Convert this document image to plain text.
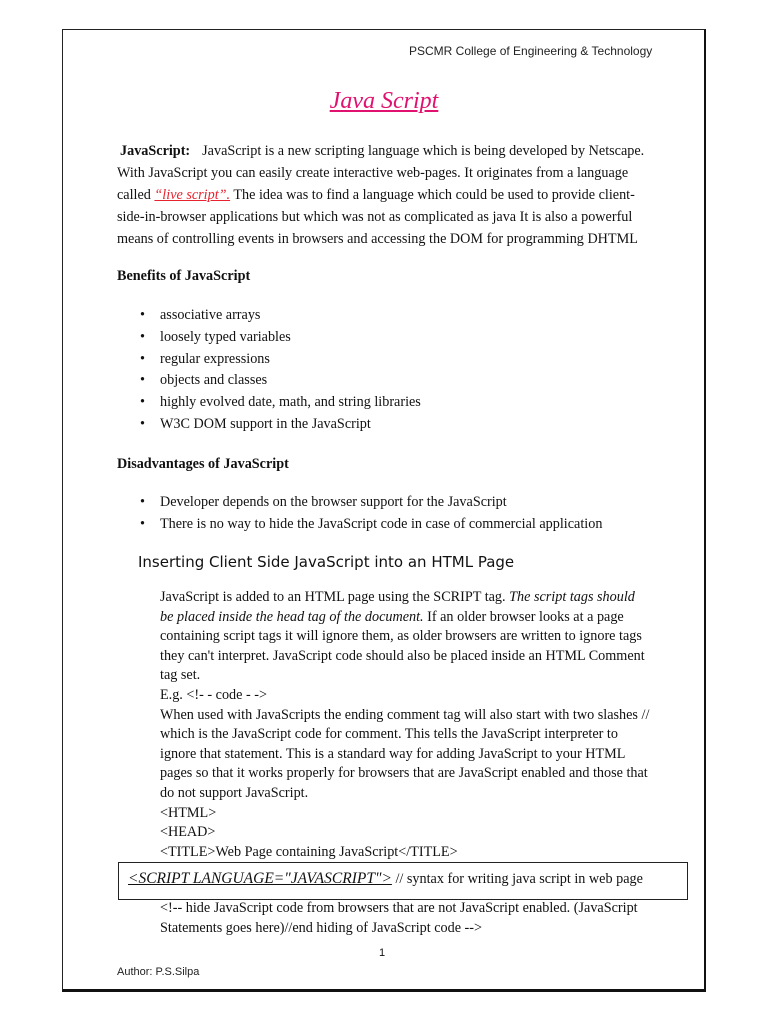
PSCMR College of Engineering & Technology
Java Script
JavaScript: JavaScript is a new scripting language which is being developed by Netscape.
With JavaScript you can easily create interactive web-pages. It originates from a language
called “live script”. The idea was to find a language which could be used to provide client-
side-in-browser applications but which was not as complicated as java It is also a powerful
means of controlling events in browsers and accessing the DOM for programming DHTML
Benefits of JavaScript
• associative arrays
• loosely typed variables
• regular expressions
• objects and classes
• highly evolved date, math, and string libraries
• W3C DOM support in the JavaScript
Disadvantages of JavaScript
• Developer depends on the browser support for the JavaScript
• There is no way to hide the JavaScript code in case of commercial application
Inserting Client Side JavaScript into an HTML Page
JavaScript is added to an HTML page using the SCRIPT tag. The script tags should
be placed inside the head tag of the document. If an older browser looks at a page
containing script tags it will ignore them, as older browsers are written to ignore tags
they can't interpret. JavaScript code should also be placed inside an HTML Comment
tag set.
E.g. <!- - code - ->
When used with JavaScripts the ending comment tag will also start with two slashes //
which is the JavaScript code for comment. This tells the JavaScript interpreter to
ignore that statement. This is a standard way for adding JavaScript to your HTML
pages so that it works properly for browsers that are JavaScript enabled and those that
do not support JavaScript.
<HTML>
<HEAD>
<TITLE>Web Page containing JavaScript</TITLE>
<!-- hide JavaScript code from browsers that are not JavaScript enabled. (JavaScript
Statements goes here)//end hiding of JavaScript code -->
<SCRIPT LANGUAGE="JAVASCRIPT"> // syntax for writing java script in web page
1
Author: P.S.Silpa
